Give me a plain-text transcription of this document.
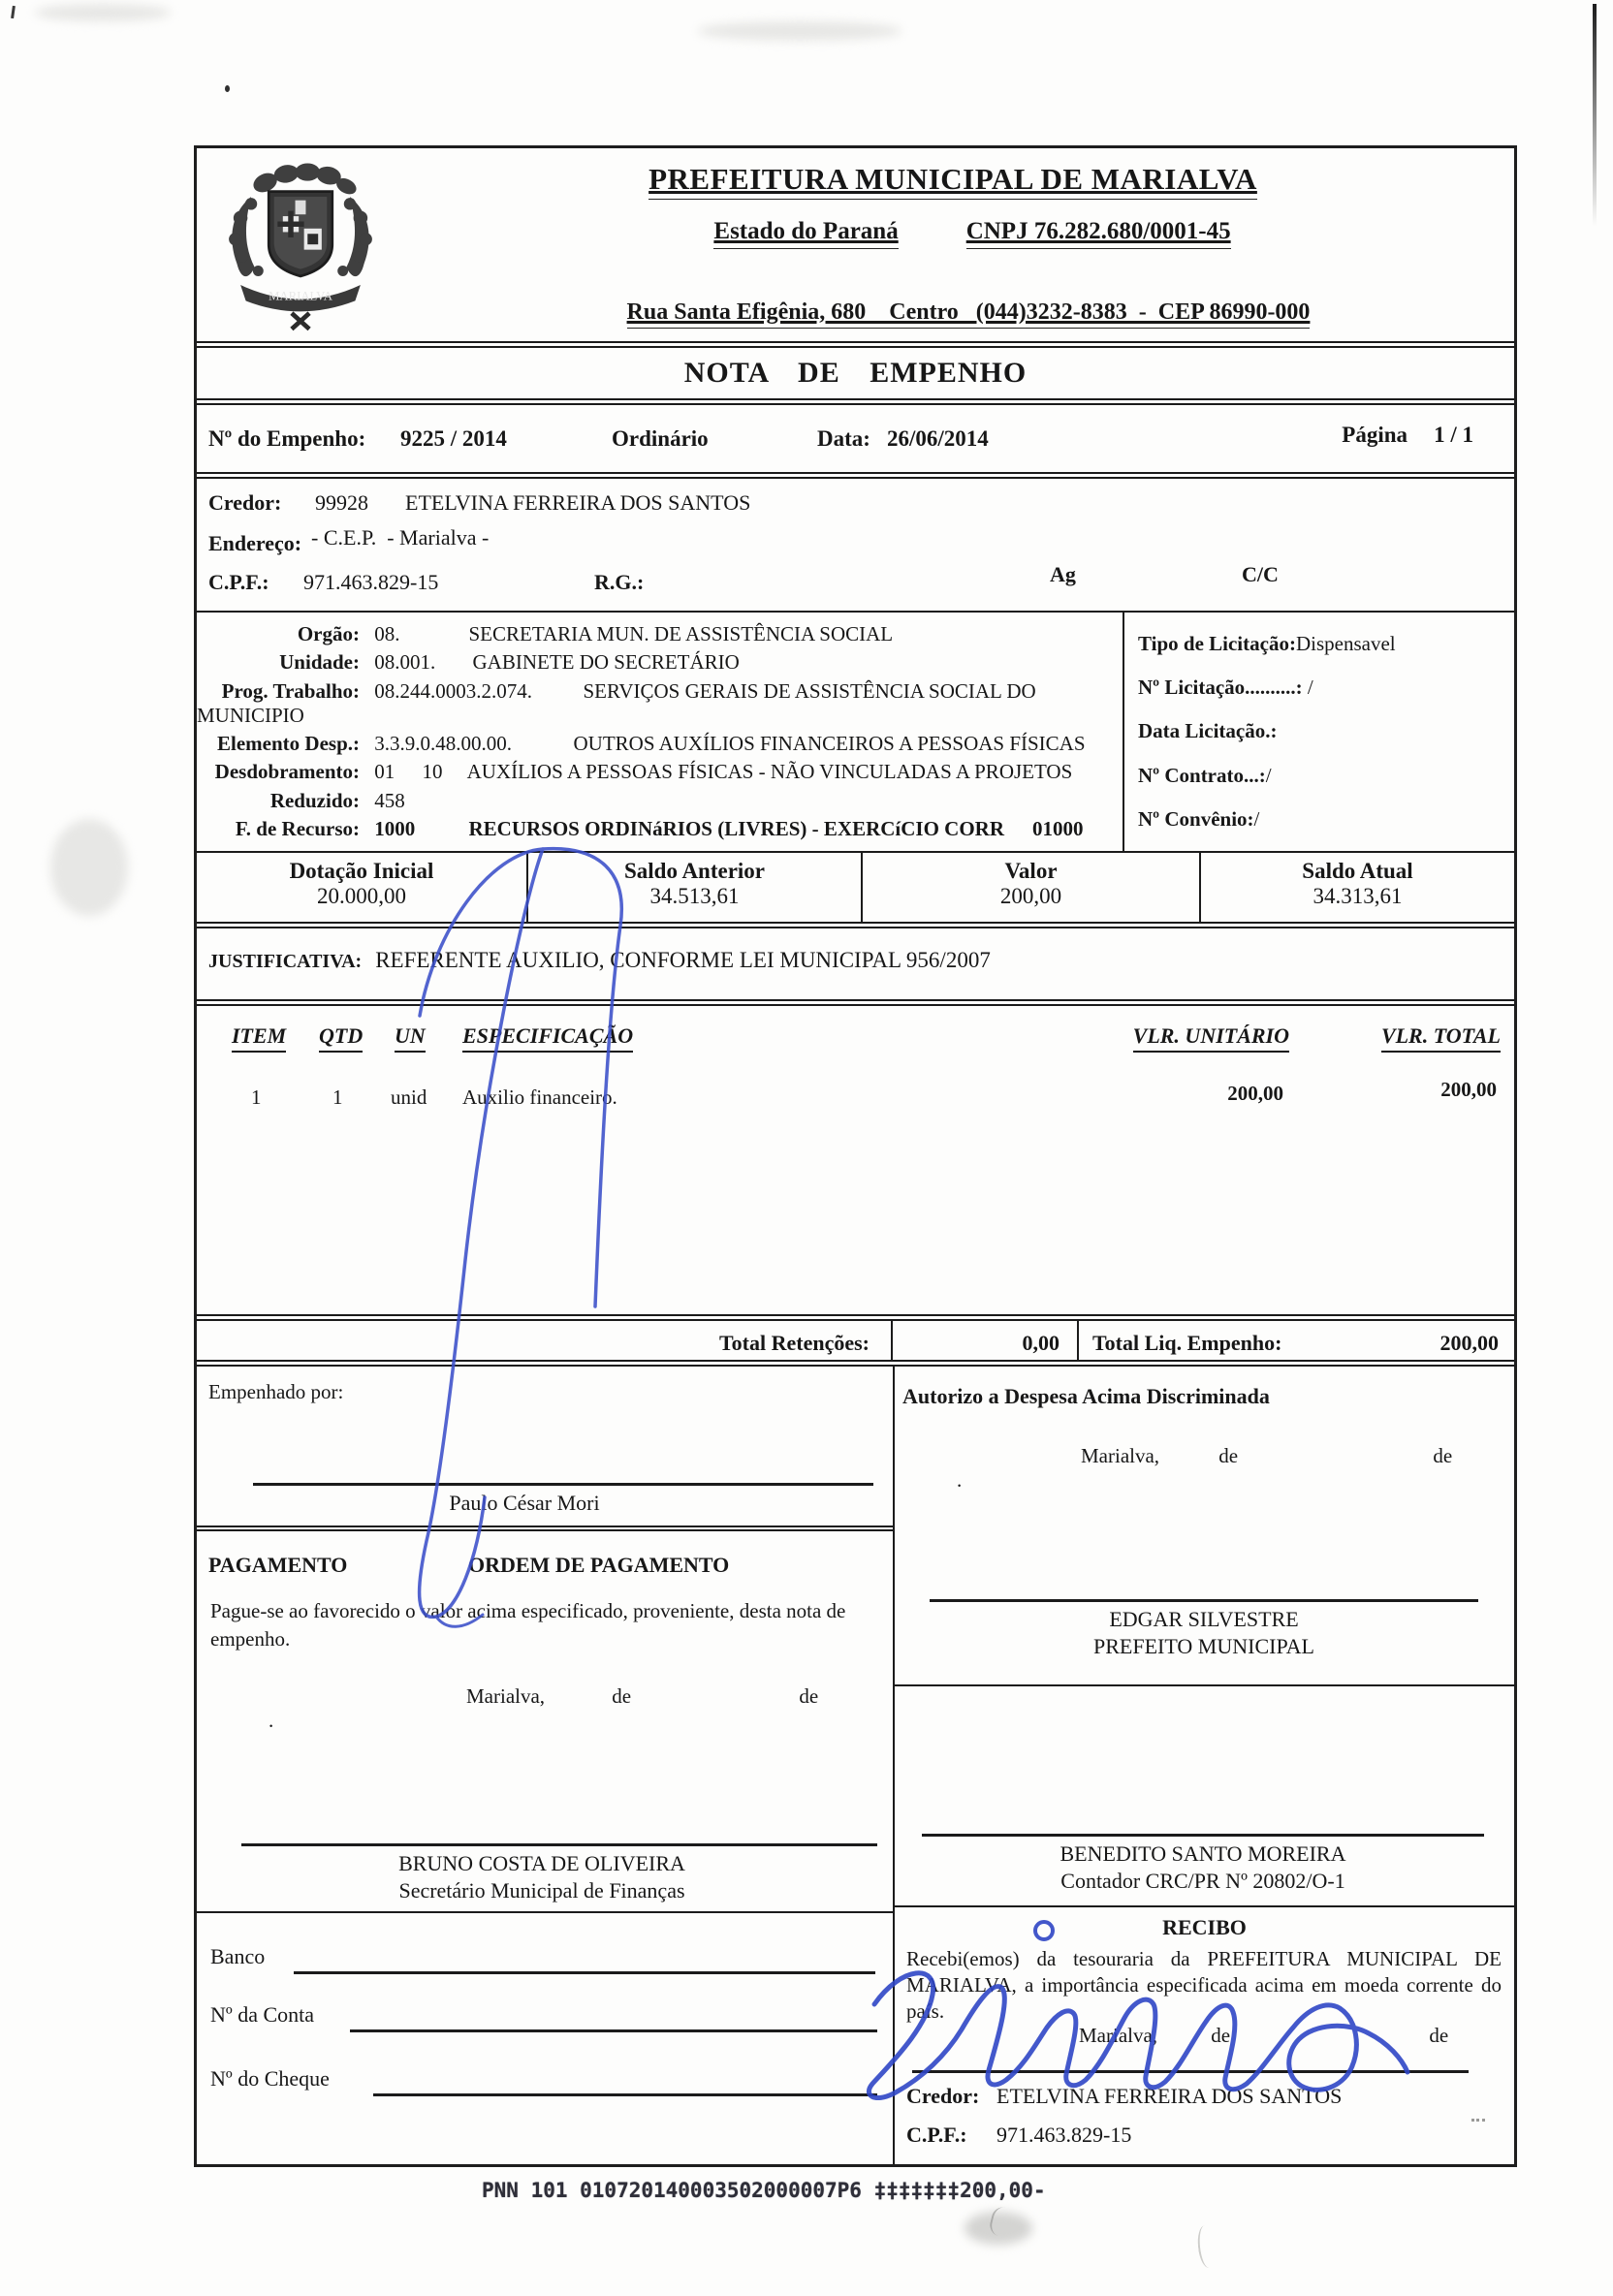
MARIALVA
PREFEITURA MUNICIPAL DE MARIALVA
Estado do Paraná	CNPJ 76.282.680/0001-45

Rua Santa Efigênia, 680    Centro   (044)3232-8383  -  CEP 86990-000

NOTA DE EMPENHO
Nº do Empenho: 9225 / 2014	Ordinário	Data: 26/06/2014	Página 1 / 1
Credor: 99928 ETELVINA FERREIRA DOS SANTOS
Endereço: - C.E.P.  - Marialva -
C.P.F.: 971.463.829-15	R.G.:	Ag	C/C
Orgão: 08.	SECRETARIA MUN. DE ASSISTÊNCIA SOCIAL
Unidade: 08.001. GABINETE DO SECRETÁRIO
Prog. Trabalho: 08.244.0003.2.074.	SERVIÇOS GERAIS DE ASSISTÊNCIA SOCIAL DO MUNICIPIO
Elemento Desp.: 3.3.9.0.48.00.00.	OUTROS AUXÍLIOS FINANCEIROS A PESSOAS FÍSICAS
Desdobramento: 01 10 AUXÍLIOS A PESSOAS FÍSICAS - NÃO VINCULADAS A PROJETOS
Reduzido: 458
F. de Recurso: 1000	RECURSOS ORDINáRIOS (LIVRES) - EXERCíCIO CORR 01000
Tipo de Licitação:Dispensavel
Nº Licitação..........: /
Data Licitação.:
Nº Contrato...:/
Nº Convênio:/
Dotação Inicial
20.000,00
Saldo Anterior
34.513,61
Valor
200,00
Saldo Atual
34.313,61
JUSTIFICATIVA: REFERENTE AUXILIO, CONFORME LEI MUNICIPAL 956/2007
ITEM QTD UN ESPECIFICAÇÃO	VLR. UNITÁRIO	VLR. TOTAL
1	1 unid Auxilio financeiro.	200,00	200,00
Total Retenções:	0,00	Total Liq. Empenho:	200,00
Empenhado por:
Paulo César Mori
PAGAMENTO	ORDEM DE PAGAMENTO
Pague-se ao favorecido o valor acima especificado, proveniente, desta nota de empenho.
Marialva,	de	de .
BRUNO COSTA DE OLIVEIRA
Secretário Municipal de Finanças
Banco
Nº da Conta
Nº do Cheque
Autorizo a Despesa Acima Discriminada
Marialva,	de	de .
EDGAR SILVESTRE
PREFEITO MUNICIPAL
BENEDITO SANTO MOREIRA
Contador CRC/PR Nº 20802/O-1
RECIBO
Recebi(emos) da tesouraria da PREFEITURA MUNICIPAL DE MARIALVA, a importância especificada acima em moeda corrente do país.
Marialva,	de	de
Credor: ETELVINA FERREIRA DOS SANTOS
C.P.F.: 971.463.829-15
PNN 101 010720140003502000007P6 ‡‡‡‡‡‡‡200,00-
